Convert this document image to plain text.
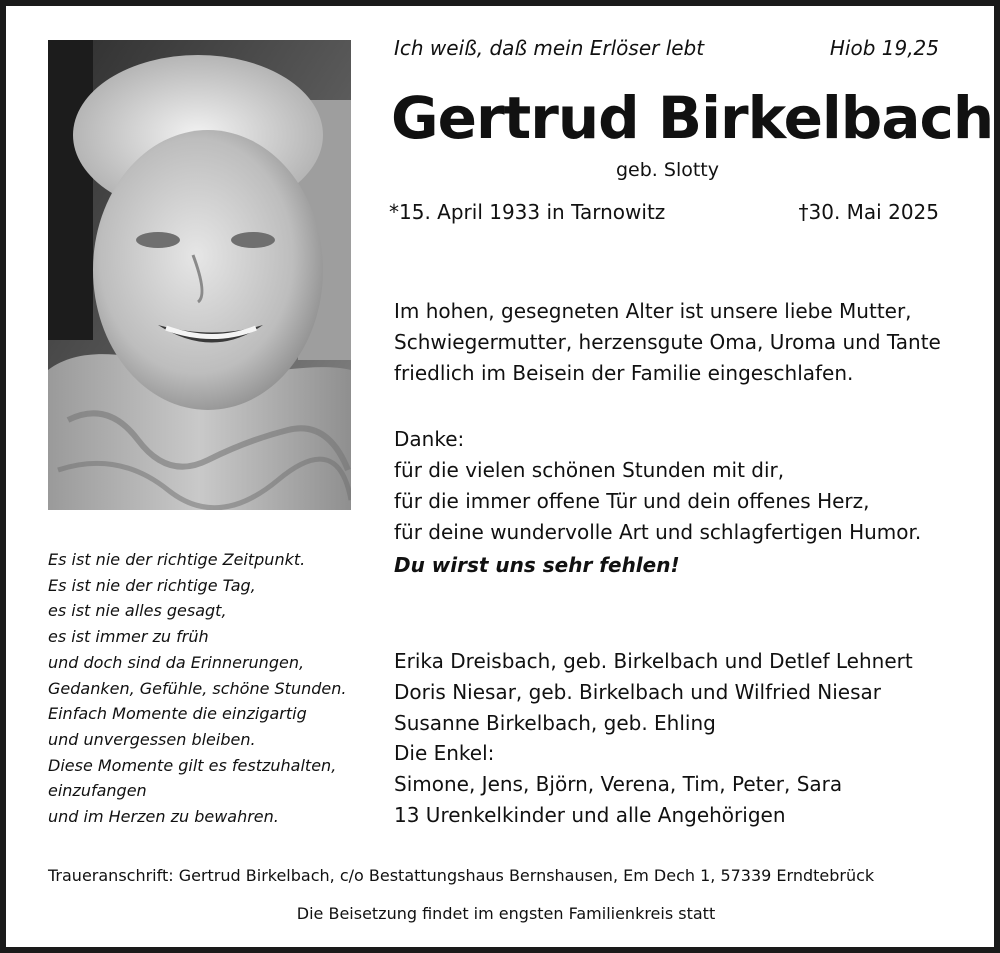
Ich weiß, daß mein Erlöser lebt	Hiob 19,25
Gertrud Birkelbach
geb. Slotty
*15. April 1933 in Tarnowitz	†30. Mai 2025
Im hohen, gesegneten Alter ist unsere liebe Mutter,
Schwiegermutter, herzensgute Oma, Uroma und Tante
friedlich im Beisein der Familie eingeschlafen.
Danke:
für die vielen schönen Stunden mit dir,
für die immer offene Tür und dein offenes Herz,
für deine wundervolle Art und schlagfertigen Humor.
Du wirst uns sehr fehlen!
Es ist nie der richtige Zeitpunkt.
Es ist nie der richtige Tag,
es ist nie alles gesagt,
es ist immer zu früh
und doch sind da Erinnerungen,
Gedanken, Gefühle, schöne Stunden.
Einfach Momente die einzigartig
und unvergessen bleiben.
Diese Momente gilt es festzuhalten,
einzufangen
und im Herzen zu bewahren.
Erika Dreisbach, geb. Birkelbach und Detlef Lehnert
Doris Niesar, geb. Birkelbach und Wilfried Niesar
Susanne Birkelbach, geb. Ehling
Die Enkel:
Simone, Jens, Björn, Verena, Tim, Peter, Sara
13 Urenkelkinder und alle Angehörigen
Traueranschrift: Gertrud Birkelbach, c/o Bestattungshaus Bernshausen, Em Dech 1, 57339 Erndtebrück
Die Beisetzung findet im engsten Familienkreis statt
